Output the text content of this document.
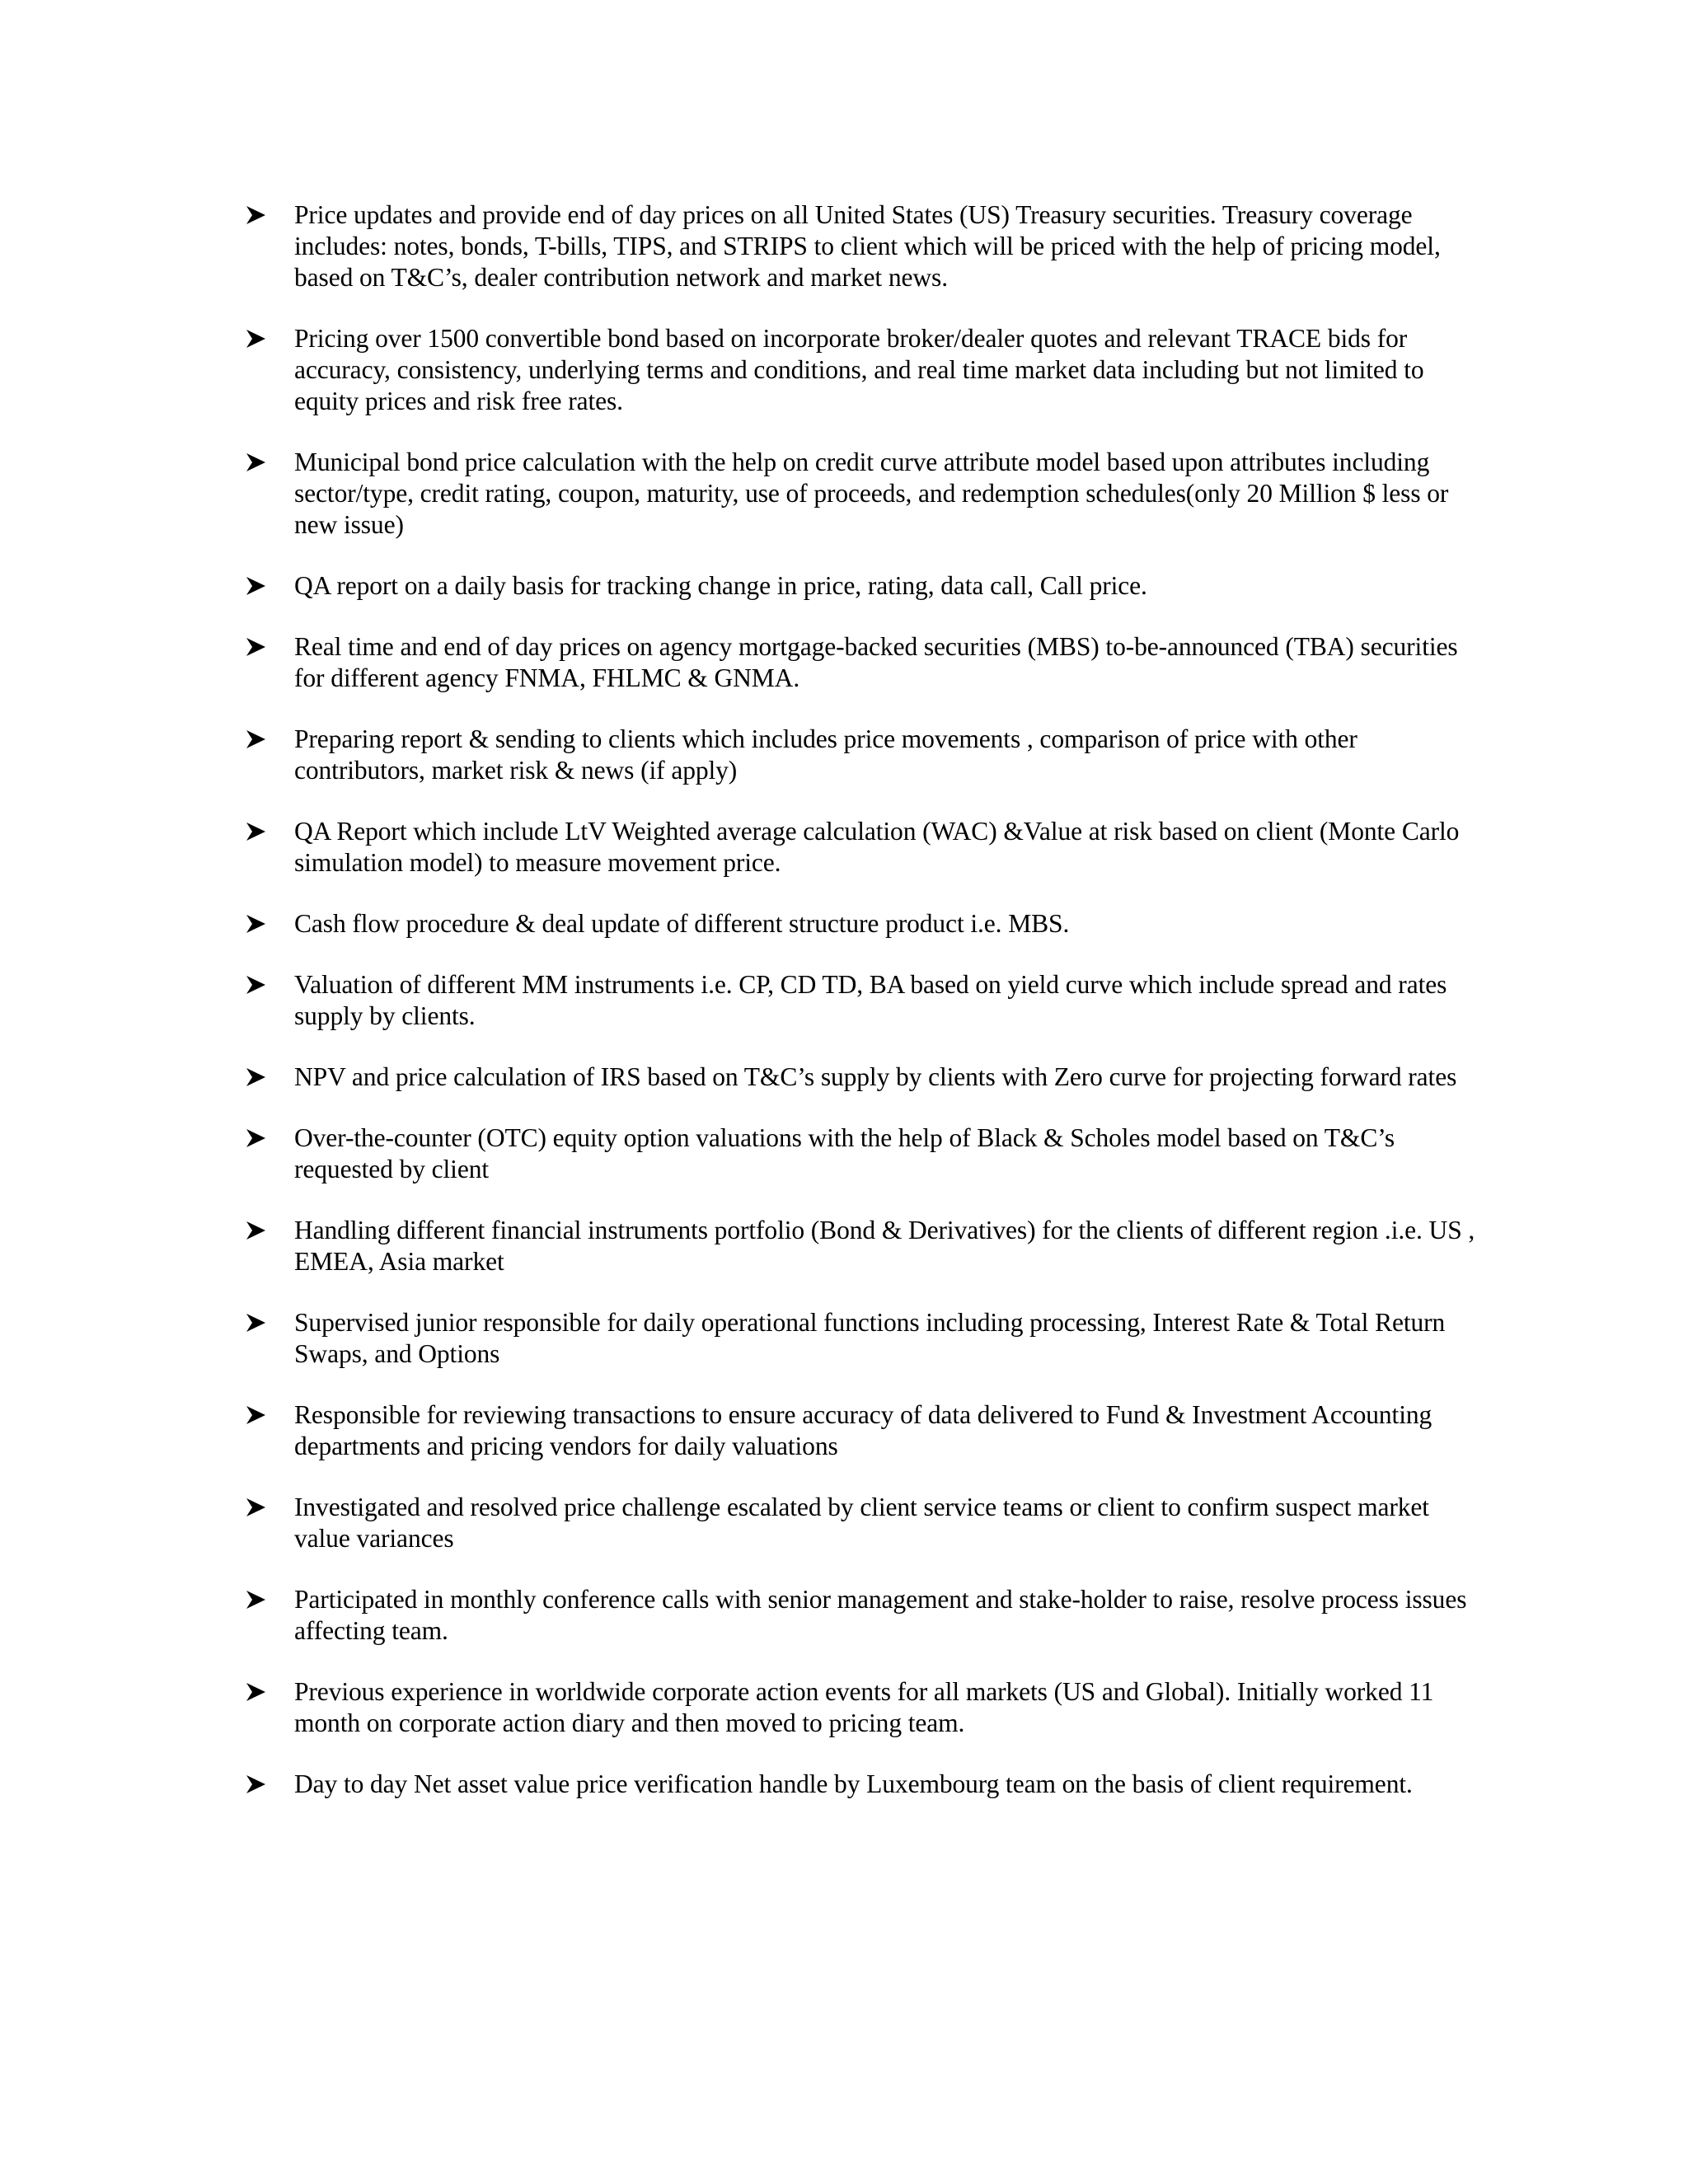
Price updates and provide end of day prices on all United States (US) Treasury securities. Treasury coverage includes: notes, bonds, T-bills, TIPS, and STRIPS to client which will be priced with the help of pricing model, based on T&C’s, dealer contribution network and market news.
Pricing over 1500 convertible bond based on incorporate broker/dealer quotes and relevant TRACE bids for accuracy, consistency, underlying terms and conditions, and real time market data including but not limited to equity prices and risk free rates.
Municipal bond price calculation with the help on credit curve attribute model based upon attributes including sector/type, credit rating, coupon, maturity, use of proceeds, and redemption schedules(only 20 Million $ less or new issue)
QA report on a daily basis for tracking change in price, rating, data call, Call price.
Real time and end of day prices on agency mortgage-backed securities (MBS) to-be-announced (TBA) securities for different agency FNMA, FHLMC & GNMA.
Preparing report & sending to clients which includes price movements , comparison of price with other contributors, market risk & news (if apply)
QA Report which include LtV Weighted average calculation (WAC) &Value at risk based on client (Monte Carlo simulation model) to measure movement price.
Cash flow procedure & deal update of different structure product i.e. MBS.
Valuation of different MM instruments i.e. CP, CD TD, BA based on yield curve which include spread and rates supply by clients.
NPV and price calculation of IRS based on T&C’s supply by clients with Zero curve for projecting forward rates
Over-the-counter (OTC) equity option valuations with the help of Black & Scholes model based on T&C’s requested by client
Handling different financial instruments portfolio (Bond & Derivatives) for the clients of different region .i.e. US , EMEA, Asia market
Supervised junior responsible for daily operational functions including processing, Interest Rate & Total Return Swaps, and Options
Responsible for reviewing transactions to ensure accuracy of data delivered to Fund & Investment Accounting departments and pricing vendors for daily valuations
Investigated and resolved price challenge escalated by client service teams or client to confirm suspect market value variances
Participated in monthly conference calls with senior management and stake-holder to raise, resolve process issues affecting team.
Previous experience in worldwide corporate action events for all markets (US and Global). Initially worked 11 month on corporate action diary and then moved to pricing team.
Day to day Net asset value price verification handle by Luxembourg team on the basis of client requirement.
